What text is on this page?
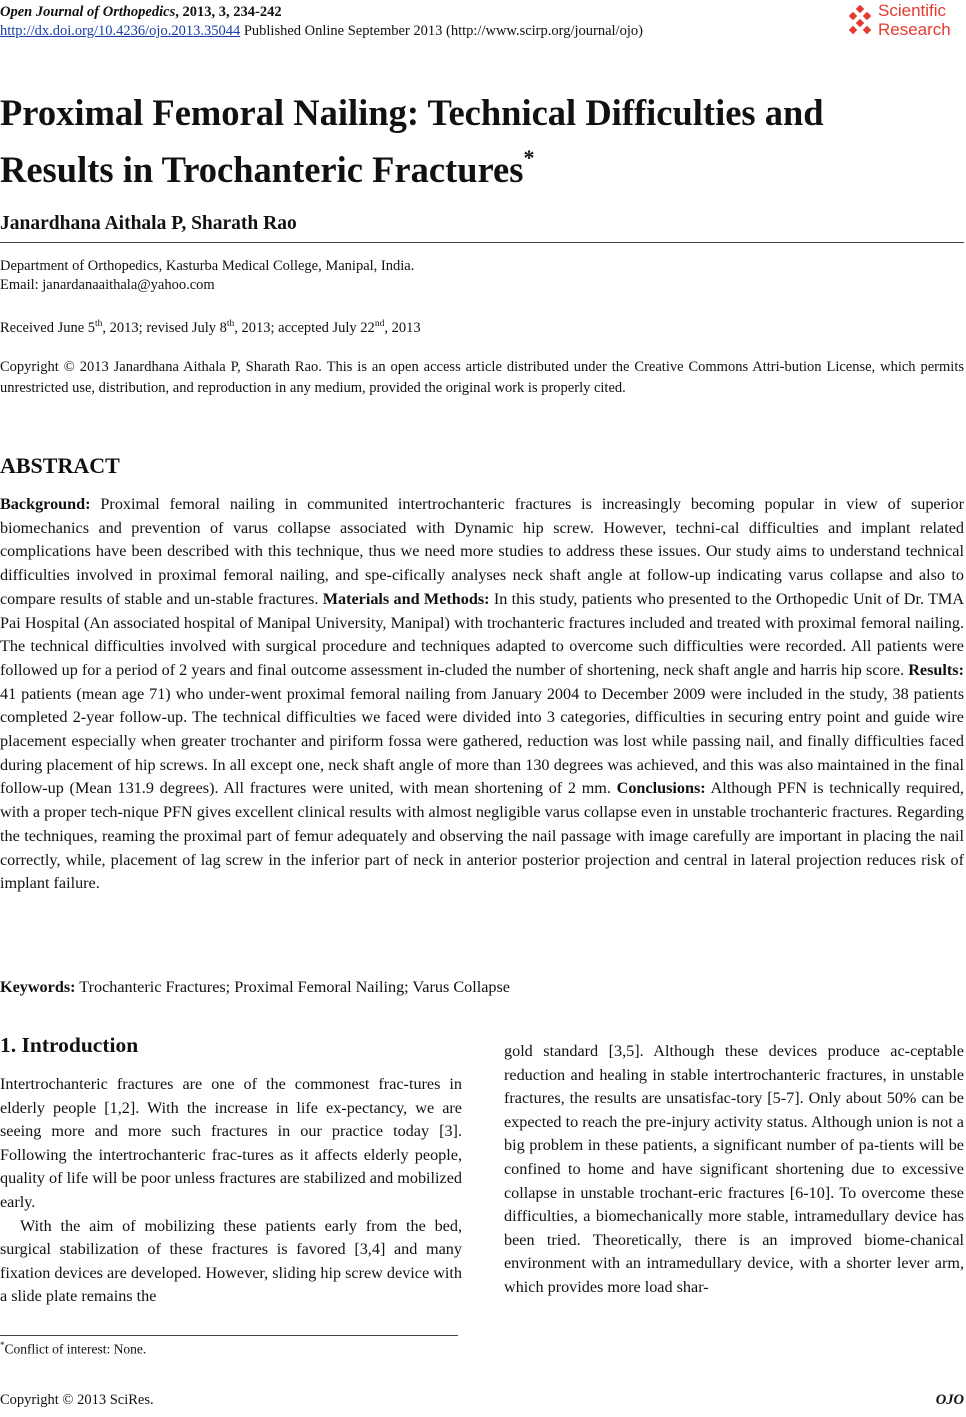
Open Journal of Orthopedics, 2013, 3, 234-242
http://dx.doi.org/10.4236/ojo.2013.35044 Published Online September 2013 (http://www.scirp.org/journal/ojo)
Scientific
Research
Proximal Femoral Nailing: Technical Difficulties and
Results in Trochanteric Fractures*
Janardhana Aithala P, Sharath Rao
Department of Orthopedics, Kasturba Medical College, Manipal, India.
Email: janardanaaithala@yahoo.com
Received June 5th, 2013; revised July 8th, 2013; accepted July 22nd, 2013
Copyright © 2013 Janardhana Aithala P, Sharath Rao. This is an open access article distributed under the Creative Commons Attri-bution License, which permits unrestricted use, distribution, and reproduction in any medium, provided the original work is properly cited.
ABSTRACT

Background: Proximal femoral nailing in communited intertrochanteric fractures is increasingly becoming popular in view of superior biomechanics and prevention of varus collapse associated with Dynamic hip screw. However, techni-cal difficulties and implant related complications have been described with this technique, thus we need more studies to address these issues. Our study aims to understand technical difficulties involved in proximal femoral nailing, and spe-cifically analyses neck shaft angle at follow-up indicating varus collapse and also to compare results of stable and un-stable fractures. Materials and Methods: In this study, patients who presented to the Orthopedic Unit of Dr. TMA Pai Hospital (An associated hospital of Manipal University, Manipal) with trochanteric fractures included and treated with proximal femoral nailing. The technical difficulties involved with surgical procedure and techniques adapted to overcome such difficulties were recorded. All patients were followed up for a period of 2 years and final outcome assessment in-cluded the number of shortening, neck shaft angle and harris hip score. Results: 41 patients (mean age 71) who under-went proximal femoral nailing from January 2004 to December 2009 were included in the study, 38 patients completed 2-year follow-up. The technical difficulties we faced were divided into 3 categories, difficulties in securing entry point and guide wire placement especially when greater trochanter and piriform fossa were gathered, reduction was lost while passing nail, and finally difficulties faced during placement of hip screws. In all except one, neck shaft angle of more than 130 degrees was achieved, and this was also maintained in the final follow-up (Mean 131.9 degrees). All fractures were united, with mean shortening of 2 mm. Conclusions: Although PFN is technically required, with a proper tech-nique PFN gives excellent clinical results with almost negligible varus collapse even in unstable trochanteric fractures. Regarding the techniques, reaming the proximal part of femur adequately and observing the nail passage with image carefully are important in placing the nail correctly, while, placement of lag screw in the inferior part of neck in anterior posterior projection and central in lateral projection reduces risk of implant failure.

Keywords: Trochanteric Fractures; Proximal Femoral Nailing; Varus Collapse
1. Introduction

Intertrochanteric fractures are one of the commonest frac-tures in elderly people [1,2]. With the increase in life ex-pectancy, we are seeing more and more such fractures in our practice today [3]. Following the intertrochanteric frac-tures as it affects elderly people, quality of life will be poor unless fractures are stabilized and mobilized early.

With the aim of mobilizing these patients early from the bed, surgical stabilization of these fractures is favored [3,4] and many fixation devices are developed. However, sliding hip screw device with a slide plate remains the

gold standard [3,5]. Although these devices produce ac-ceptable reduction and healing in stable intertrochanteric fractures, in unstable fractures, the results are unsatisfac-tory [5-7]. Only about 50% can be expected to reach the pre-injury activity status. Although union is not a big problem in these patients, a significant number of pa-tients will be confined to home and have significant shortening due to excessive collapse in unstable trochant-eric fractures [6-10]. To overcome these difficulties, a biomechanically more stable, intramedullary device has been tried. Theoretically, there is an improved biome-chanical environment with an intramedullary device, with a shorter lever arm, which provides more load shar-

*Conflict of interest: None.
Copyright © 2013 SciRes.	OJO
